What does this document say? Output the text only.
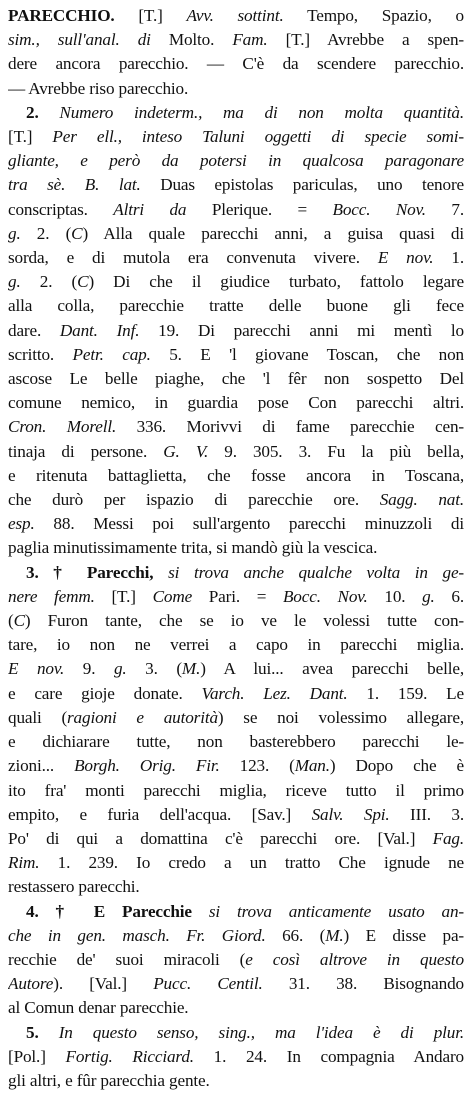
PARECCHIO. [T.] Avv. sottint. Tempo, Spazio, o
sim., sull'anal. di Molto. Fam. [T.] Avrebbe a spen-
dere ancora parecchio. — C'è da scendere parecchio.
— Avrebbe riso parecchio.
2. Numero indeterm., ma di non molta quantità.
[T.] Per ell., inteso Taluni oggetti di specie somi-
gliante, e però da potersi in qualcosa paragonare
tra sè. B. lat. Duas epistolas pariculas, uno tenore
conscriptas. Altri da Plerique. = Bocc. Nov. 7.
g. 2. (C) Alla quale parecchi anni, a guisa quasi di
sorda, e di mutola era convenuta vivere. E nov. 1.
g. 2. (C) Di che il giudice turbato, fattolo legare
alla colla, parecchie tratte delle buone gli fece
dare. Dant. Inf. 19. Di parecchi anni mi mentì lo
scritto. Petr. cap. 5. E 'l giovane Toscan, che non
ascose Le belle piaghe, che 'l fêr non sospetto Del
comune nemico, in guardia pose Con parecchi altri.
Cron. Morell. 336. Morivvi di fame parecchie cen-
tinaja di persone. G. V. 9. 305. 3. Fu la più bella,
e ritenuta battaglietta, che fosse ancora in Toscana,
che durò per ispazio di parecchie ore. Sagg. nat.
esp. 88. Messi poi sull'argento parecchi minuzzoli di
paglia minutissimamente trita, si mandò giù la vescica.
3. † Parecchi, si trova anche qualche volta in ge-
nere femm. [T.] Come Pari. = Bocc. Nov. 10. g. 6.
(C) Furon tante, che se io ve le volessi tutte con-
tare, io non ne verrei a capo in parecchi miglia.
E nov. 9. g. 3. (M.) A lui... avea parecchi belle,
e care gioje donate. Varch. Lez. Dant. 1. 159. Le
quali (ragioni e autorità) se noi volessimo allegare,
e dichiarare tutte, non basterebbero parecchi le-
zioni... Borgh. Orig. Fir. 123. (Man.) Dopo che è
ito fra' monti parecchi miglia, riceve tutto il primo
empito, e furia dell'acqua. [Sav.] Salv. Spi. III. 3.
Po' di qui a domattina c'è parecchi ore. [Val.] Fag.
Rim. 1. 239. Io credo a un tratto Che ignude ne
restassero parecchi.
4. † E Parecchie si trova anticamente usato an-
che in gen. masch. Fr. Giord. 66. (M.) E disse pa-
recchie de' suoi miracoli (e così altrove in questo
Autore). [Val.] Pucc. Centil. 31. 38. Bisognando
al Comun denar parecchie.
5. In questo senso, sing., ma l'idea è di plur.
[Pol.] Fortig. Ricciard. 1. 24. In compagnia Andaro
gli altri, e fûr parecchia gente.
